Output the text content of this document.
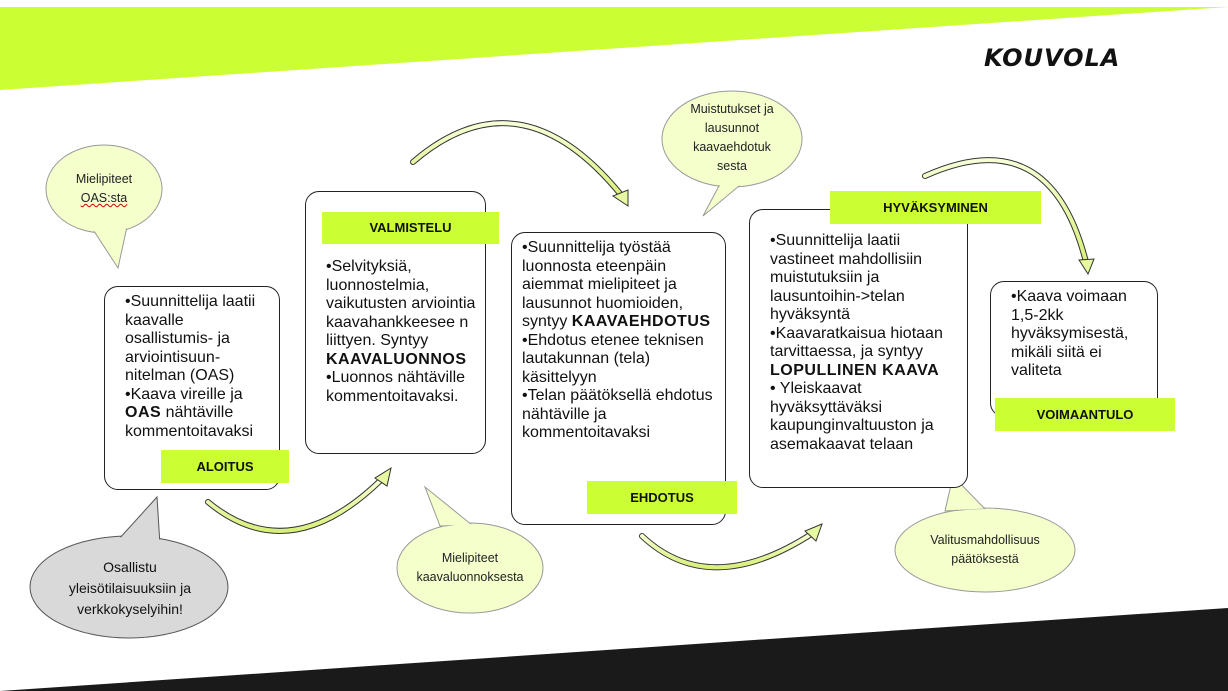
KOUVOLA
Mielipiteet
OAS:sta
Osallistu yleisötilaisuuksiin ja verkkokyselyihin!
Mielipiteet kaavaluonnoksesta
Muistutukset ja lausunnot kaavaehdotuk sesta
Valitusmahdollisuus päätöksestä
• Suunnittelija laatii kaavalle osallistumis- ja arviointisuun-nitelman (OAS)
• Kaava vireille ja OAS nähtäville kommentoitavaksi
ALOITUS
• Selvityksiä, luonnostelmia, vaikutusten arviointia kaavahankkeesee n liittyen. Syntyy KAAVALUONNOS
• Luonnos nähtäville kommentoitavaksi.
VALMISTELU
• Suunnittelija työstää luonnosta eteenpäin aiemmat mielipiteet ja lausunnot huomioiden, syntyy KAAVAEHDOTUS
• Ehdotus etenee teknisen lautakunnan (tela) käsittelyyn
• Telan päätöksellä ehdotus nähtäville ja kommentoitavaksi
EHDOTUS
• Suunnittelija laatii vastineet mahdollisiin muistutuksiin ja lausuntoihin->telan hyväksyntä
• Kaavaratkaisua hiotaan tarvittaessa, ja syntyy LOPULLINEN KAAVA
• Yleiskaavat hyväksyttäväksi kaupunginvaltuuston ja asemakaavat telaan
HYVÄKSYMINEN
• Kaava voimaan 1,5-2kk hyväksymisestä, mikäli siitä ei valiteta
VOIMAANTULO
